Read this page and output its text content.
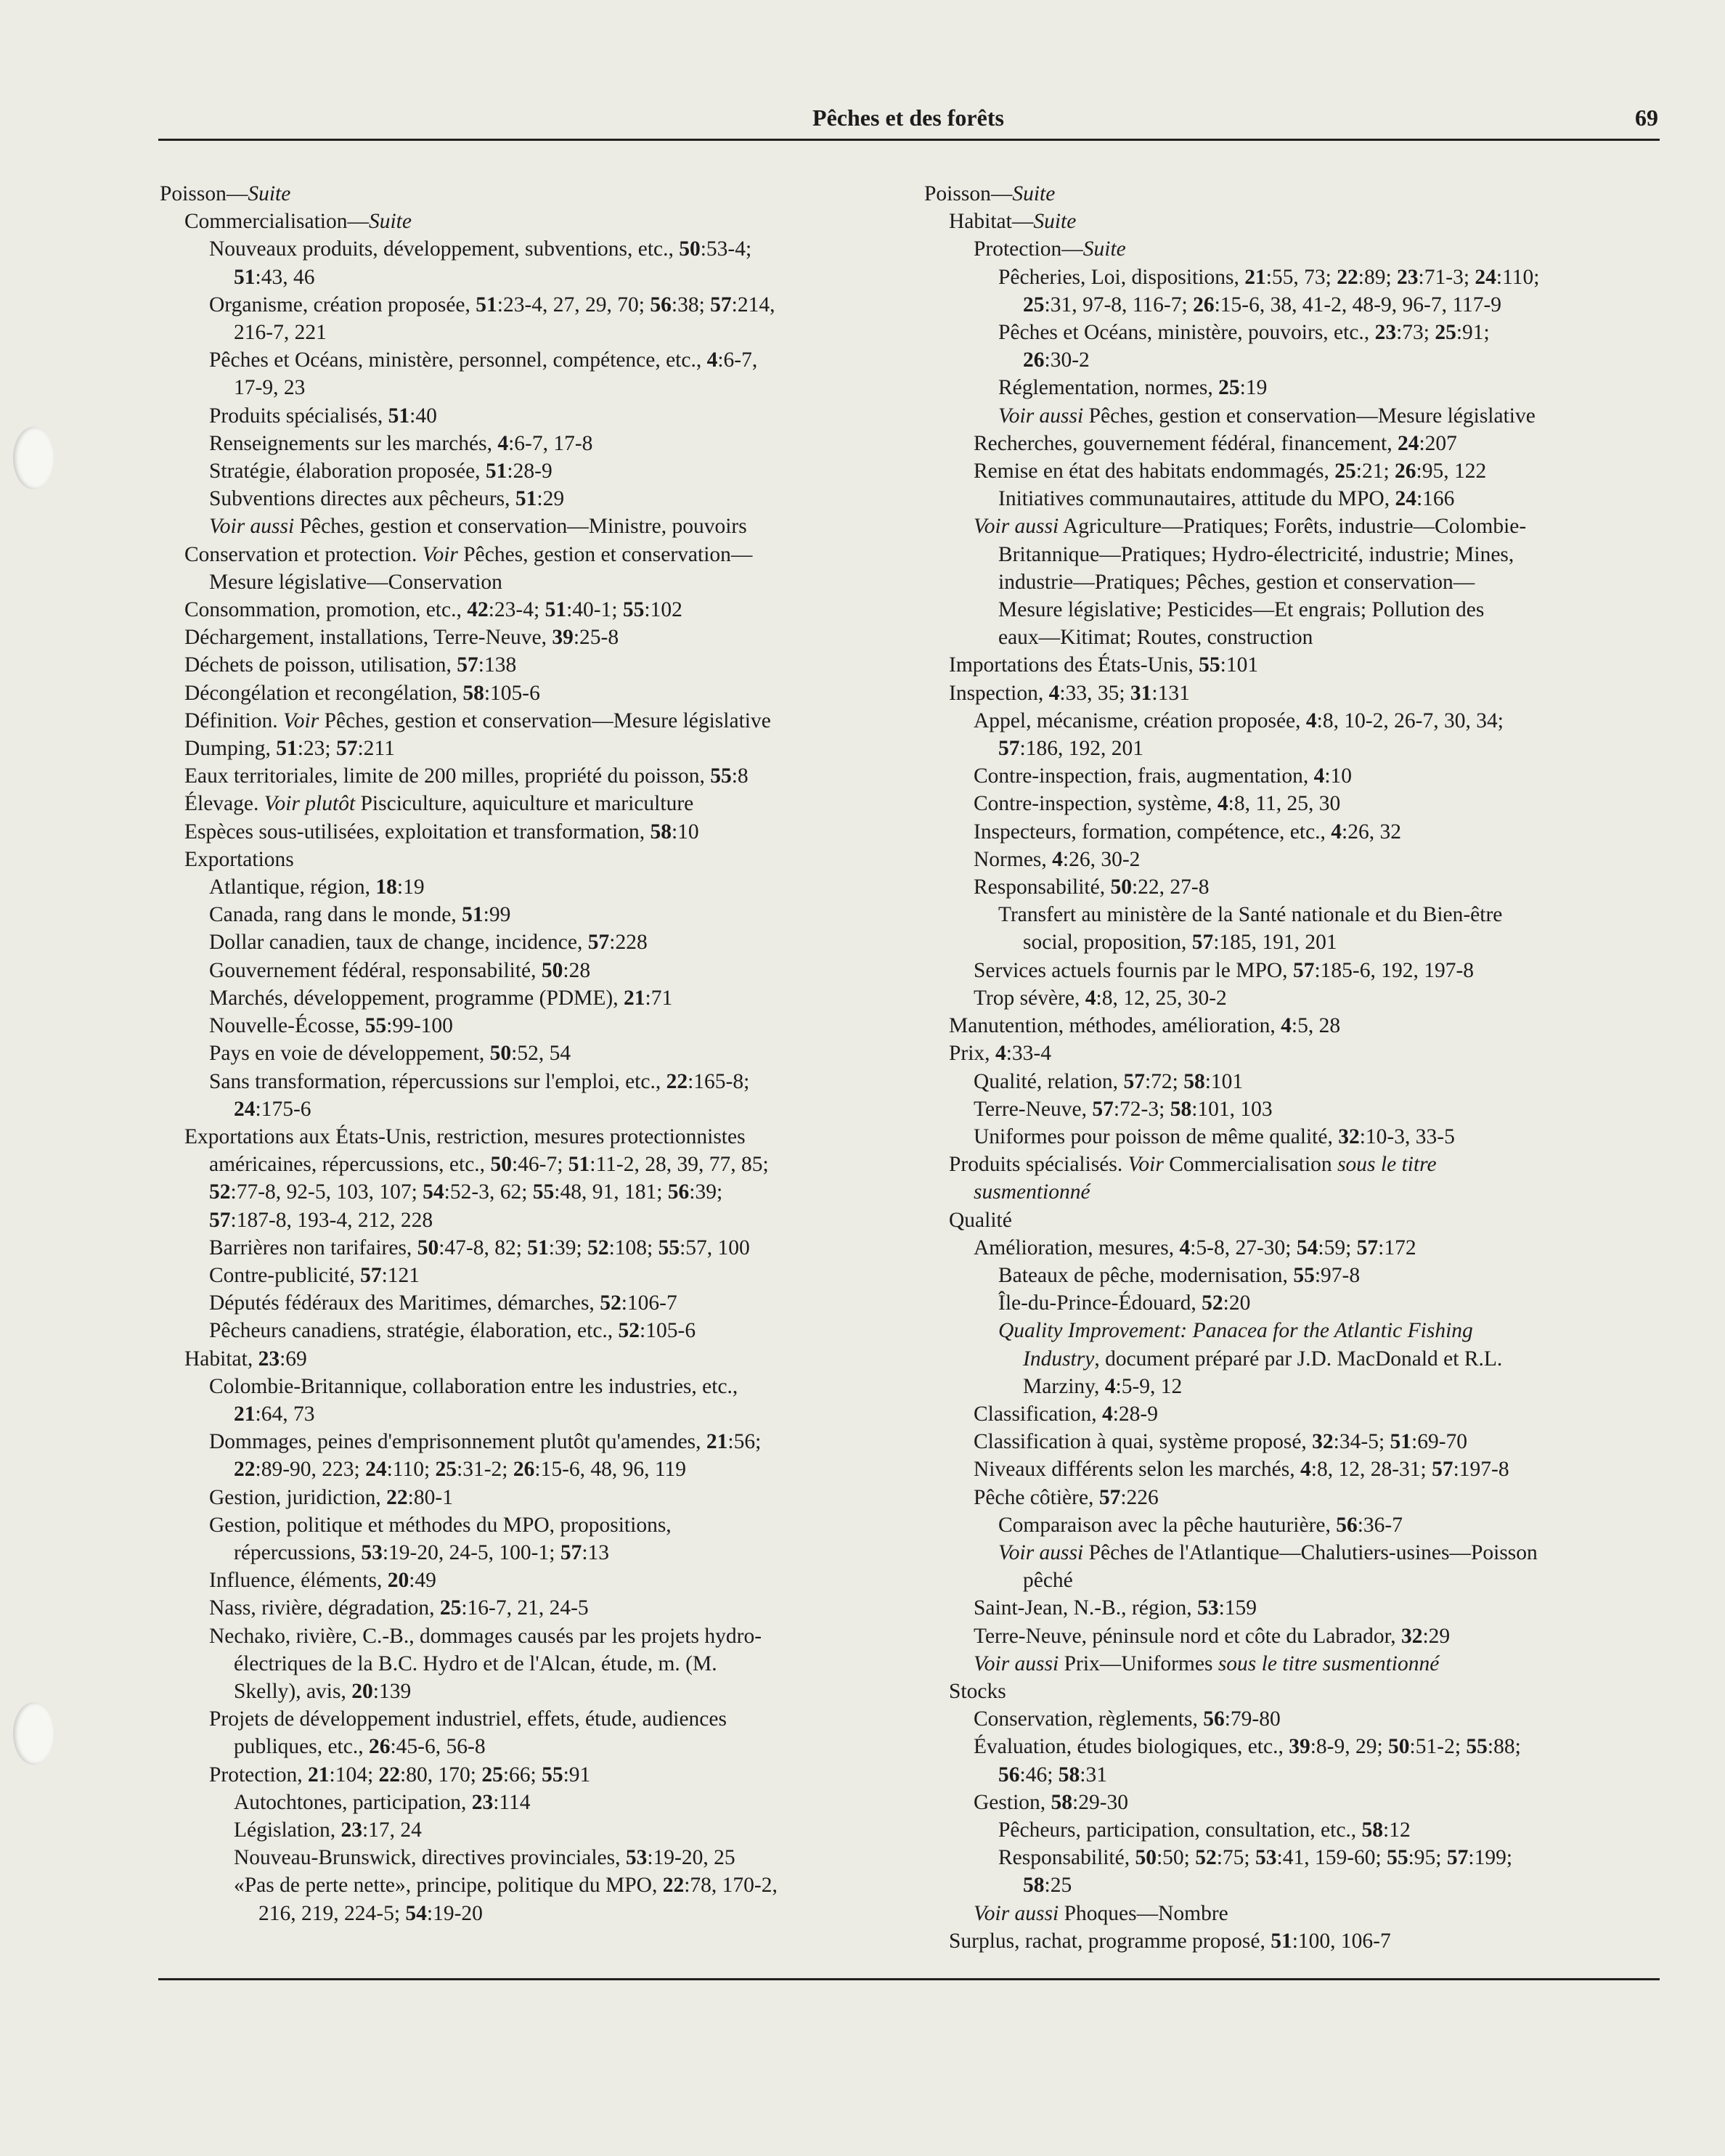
Pêches et des forêts	69
Poisson—Suite
Commercialisation—Suite
Nouveaux produits, développement, subventions, etc., 50:53-4;
51:43, 46
Organisme, création proposée, 51:23-4, 27, 29, 70; 56:38; 57:214,
216-7, 221
Pêches et Océans, ministère, personnel, compétence, etc., 4:6-7,
17-9, 23
Produits spécialisés, 51:40
Renseignements sur les marchés, 4:6-7, 17-8
Stratégie, élaboration proposée, 51:28-9
Subventions directes aux pêcheurs, 51:29
Voir aussi Pêches, gestion et conservation—Ministre, pouvoirs
Conservation et protection. Voir Pêches, gestion et conservation—
Mesure législative—Conservation
Consommation, promotion, etc., 42:23-4; 51:40-1; 55:102
Déchargement, installations, Terre-Neuve, 39:25-8
Déchets de poisson, utilisation, 57:138
Décongélation et recongélation, 58:105-6
Définition. Voir Pêches, gestion et conservation—Mesure législative
Dumping, 51:23; 57:211
Eaux territoriales, limite de 200 milles, propriété du poisson, 55:8
Élevage. Voir plutôt Pisciculture, aquiculture et mariculture
Espèces sous-utilisées, exploitation et transformation, 58:10
Exportations
Atlantique, région, 18:19
Canada, rang dans le monde, 51:99
Dollar canadien, taux de change, incidence, 57:228
Gouvernement fédéral, responsabilité, 50:28
Marchés, développement, programme (PDME), 21:71
Nouvelle-Écosse, 55:99-100
Pays en voie de développement, 50:52, 54
Sans transformation, répercussions sur l'emploi, etc., 22:165-8;
24:175-6
Exportations aux États-Unis, restriction, mesures protectionnistes
américaines, répercussions, etc., 50:46-7; 51:11-2, 28, 39, 77, 85;
52:77-8, 92-5, 103, 107; 54:52-3, 62; 55:48, 91, 181; 56:39;
57:187-8, 193-4, 212, 228
Barrières non tarifaires, 50:47-8, 82; 51:39; 52:108; 55:57, 100
Contre-publicité, 57:121
Députés fédéraux des Maritimes, démarches, 52:106-7
Pêcheurs canadiens, stratégie, élaboration, etc., 52:105-6
Habitat, 23:69
Colombie-Britannique, collaboration entre les industries, etc.,
21:64, 73
Dommages, peines d'emprisonnement plutôt qu'amendes, 21:56;
22:89-90, 223; 24:110; 25:31-2; 26:15-6, 48, 96, 119
Gestion, juridiction, 22:80-1
Gestion, politique et méthodes du MPO, propositions,
répercussions, 53:19-20, 24-5, 100-1; 57:13
Influence, éléments, 20:49
Nass, rivière, dégradation, 25:16-7, 21, 24-5
Nechako, rivière, C.-B., dommages causés par les projets hydro-
électriques de la B.C. Hydro et de l'Alcan, étude, m. (M.
Skelly), avis, 20:139
Projets de développement industriel, effets, étude, audiences
publiques, etc., 26:45-6, 56-8
Protection, 21:104; 22:80, 170; 25:66; 55:91
Autochtones, participation, 23:114
Législation, 23:17, 24
Nouveau-Brunswick, directives provinciales, 53:19-20, 25
«Pas de perte nette», principe, politique du MPO, 22:78, 170-2,
216, 219, 224-5; 54:19-20
Poisson—Suite
Habitat—Suite
Protection—Suite
Pêcheries, Loi, dispositions, 21:55, 73; 22:89; 23:71-3; 24:110;
25:31, 97-8, 116-7; 26:15-6, 38, 41-2, 48-9, 96-7, 117-9
Pêches et Océans, ministère, pouvoirs, etc., 23:73; 25:91;
26:30-2
Réglementation, normes, 25:19
Voir aussi Pêches, gestion et conservation—Mesure législative
Recherches, gouvernement fédéral, financement, 24:207
Remise en état des habitats endommagés, 25:21; 26:95, 122
Initiatives communautaires, attitude du MPO, 24:166
Voir aussi Agriculture—Pratiques; Forêts, industrie—Colombie-
Britannique—Pratiques; Hydro-électricité, industrie; Mines,
industrie—Pratiques; Pêches, gestion et conservation—
Mesure législative; Pesticides—Et engrais; Pollution des
eaux—Kitimat; Routes, construction
Importations des États-Unis, 55:101
Inspection, 4:33, 35; 31:131
Appel, mécanisme, création proposée, 4:8, 10-2, 26-7, 30, 34;
57:186, 192, 201
Contre-inspection, frais, augmentation, 4:10
Contre-inspection, système, 4:8, 11, 25, 30
Inspecteurs, formation, compétence, etc., 4:26, 32
Normes, 4:26, 30-2
Responsabilité, 50:22, 27-8
Transfert au ministère de la Santé nationale et du Bien-être
social, proposition, 57:185, 191, 201
Services actuels fournis par le MPO, 57:185-6, 192, 197-8
Trop sévère, 4:8, 12, 25, 30-2
Manutention, méthodes, amélioration, 4:5, 28
Prix, 4:33-4
Qualité, relation, 57:72; 58:101
Terre-Neuve, 57:72-3; 58:101, 103
Uniformes pour poisson de même qualité, 32:10-3, 33-5
Produits spécialisés. Voir Commercialisation sous le titre
susmentionné
Qualité
Amélioration, mesures, 4:5-8, 27-30; 54:59; 57:172
Bateaux de pêche, modernisation, 55:97-8
Île-du-Prince-Édouard, 52:20
Quality Improvement: Panacea for the Atlantic Fishing
Industry, document préparé par J.D. MacDonald et R.L.
Marziny, 4:5-9, 12
Classification, 4:28-9
Classification à quai, système proposé, 32:34-5; 51:69-70
Niveaux différents selon les marchés, 4:8, 12, 28-31; 57:197-8
Pêche côtière, 57:226
Comparaison avec la pêche hauturière, 56:36-7
Voir aussi Pêches de l'Atlantique—Chalutiers-usines—Poisson
pêché
Saint-Jean, N.-B., région, 53:159
Terre-Neuve, péninsule nord et côte du Labrador, 32:29
Voir aussi Prix—Uniformes sous le titre susmentionné
Stocks
Conservation, règlements, 56:79-80
Évaluation, études biologiques, etc., 39:8-9, 29; 50:51-2; 55:88;
56:46; 58:31
Gestion, 58:29-30
Pêcheurs, participation, consultation, etc., 58:12
Responsabilité, 50:50; 52:75; 53:41, 159-60; 55:95; 57:199;
58:25
Voir aussi Phoques—Nombre
Surplus, rachat, programme proposé, 51:100, 106-7
